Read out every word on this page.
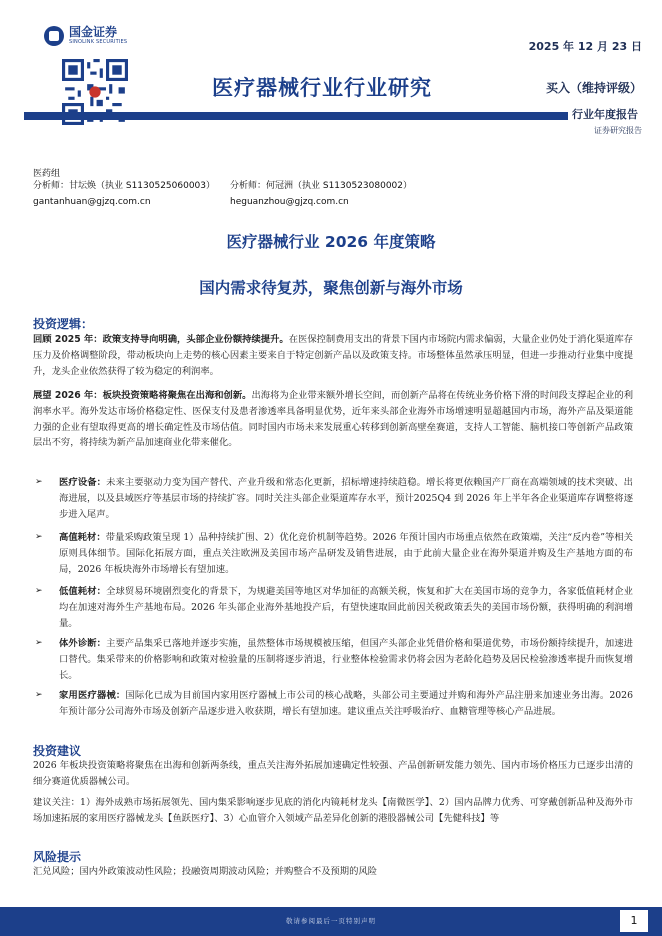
国金证券
SINOLINK SECURITIES	2025 年 12 月 23 日
医疗器械行业行业研究	买入（维持评级）
行业年度报告
证券研究报告
医药组
分析师：甘坛焕（执业 S1130525060003）	分析师：何冠洲（执业 S1130523080002）
gantanhuan@gjzq.com.cn	heguanzhou@gjzq.com.cn
医疗器械行业 2026 年度策略
国内需求待复苏，聚焦创新与海外市场
投资逻辑：
回顾 2025 年：政策支持导向明确，头部企业份额持续提升。在医保控制费用支出的背景下国内市场院内需求偏弱，大量企业仍处于消化渠道库存压力及价格调整阶段，带动板块向上走势的核心因素主要来自于特定创新产品以及政策支持。市场整体虽然承压明显，但进一步推动行业集中度提升，龙头企业依然获得了较为稳定的利润率。
展望 2026 年：板块投资策略将聚焦在出海和创新。出海将为企业带来额外增长空间，而创新产品将在传统业务价格下滑的时间段支撑起企业的利润率水平。海外发达市场价格稳定性、医保支付及患者渗透率具备明显优势，近年来头部企业海外市场增速明显超越国内市场，海外产品及渠道能力强的企业有望取得更高的增长确定性及市场估值。同时国内市场未来发展重心转移到创新高壁垒赛道，支持人工智能、脑机接口等创新产品政策层出不穷，将持续为新产品加速商业化带来催化。
➢ 医疗设备：未来主要驱动力变为国产替代、产业升级和常态化更新，招标增速持续趋稳。增长将更依赖国产厂商在高端领域的技术突破、出海进展，以及县域医疗等基层市场的持续扩容。同时关注头部企业渠道库存水平，预计2025Q4 到 2026 年上半年各企业渠道库存调整将逐步进入尾声。
➢ 高值耗材：带量采购政策呈现 1）品种持续扩围、2）优化竞价机制等趋势。2026 年预计国内市场重点依然在政策端，关注“反内卷”等相关原则具体细节。国际化拓展方面，重点关注欧洲及美国市场产品研发及销售进展，由于此前大量企业在海外渠道并购及生产基地方面的布局，2026 年板块海外市场增长有望加速。
➢ 低值耗材：全球贸易环境剧烈变化的背景下，为规避美国等地区对华加征的高额关税，恢复和扩大在美国市场的竞争力，各家低值耗材企业均在加速对海外生产基地布局。2026 年头部企业海外基地投产后，有望快速取回此前因关税政策丢失的美国市场份额，获得明确的利润增量。
➢ 体外诊断：主要产品集采已落地并逐步实施，虽然整体市场规模被压缩，但国产头部企业凭借价格和渠道优势，市场份额持续提升，加速进口替代。集采带来的价格影响和政策对检验量的压制将逐步消退，行业整体检验需求仍将会因为老龄化趋势及居民检验渗透率提升而恢复增长。
➢ 家用医疗器械：国际化已成为目前国内家用医疗器械上市公司的核心战略，头部公司主要通过并购和海外产品注册来加速业务出海。2026 年预计部分公司海外市场及创新产品逐步进入收获期，增长有望加速。建议重点关注呼吸治疗、血糖管理等核心产品进展。
投资建议
2026 年板块投资策略将聚焦在出海和创新两条线，重点关注海外拓展加速确定性较强、产品创新研发能力领先、国内市场价格压力已逐步出清的细分赛道优质器械公司。
建议关注：1）海外成熟市场拓展领先、国内集采影响逐步见底的消化内镜耗材龙头【南微医学】、2）国内品牌力优秀、可穿戴创新品种及海外市场加速拓展的家用医疗器械龙头【鱼跃医疗】、3）心血管介入领域产品差异化创新的港股器械公司【先健科技】等
风险提示
汇兑风险；国内外政策波动性风险；投融资周期波动风险；并购整合不及预期的风险
敬请参阅最后一页特别声明	1
